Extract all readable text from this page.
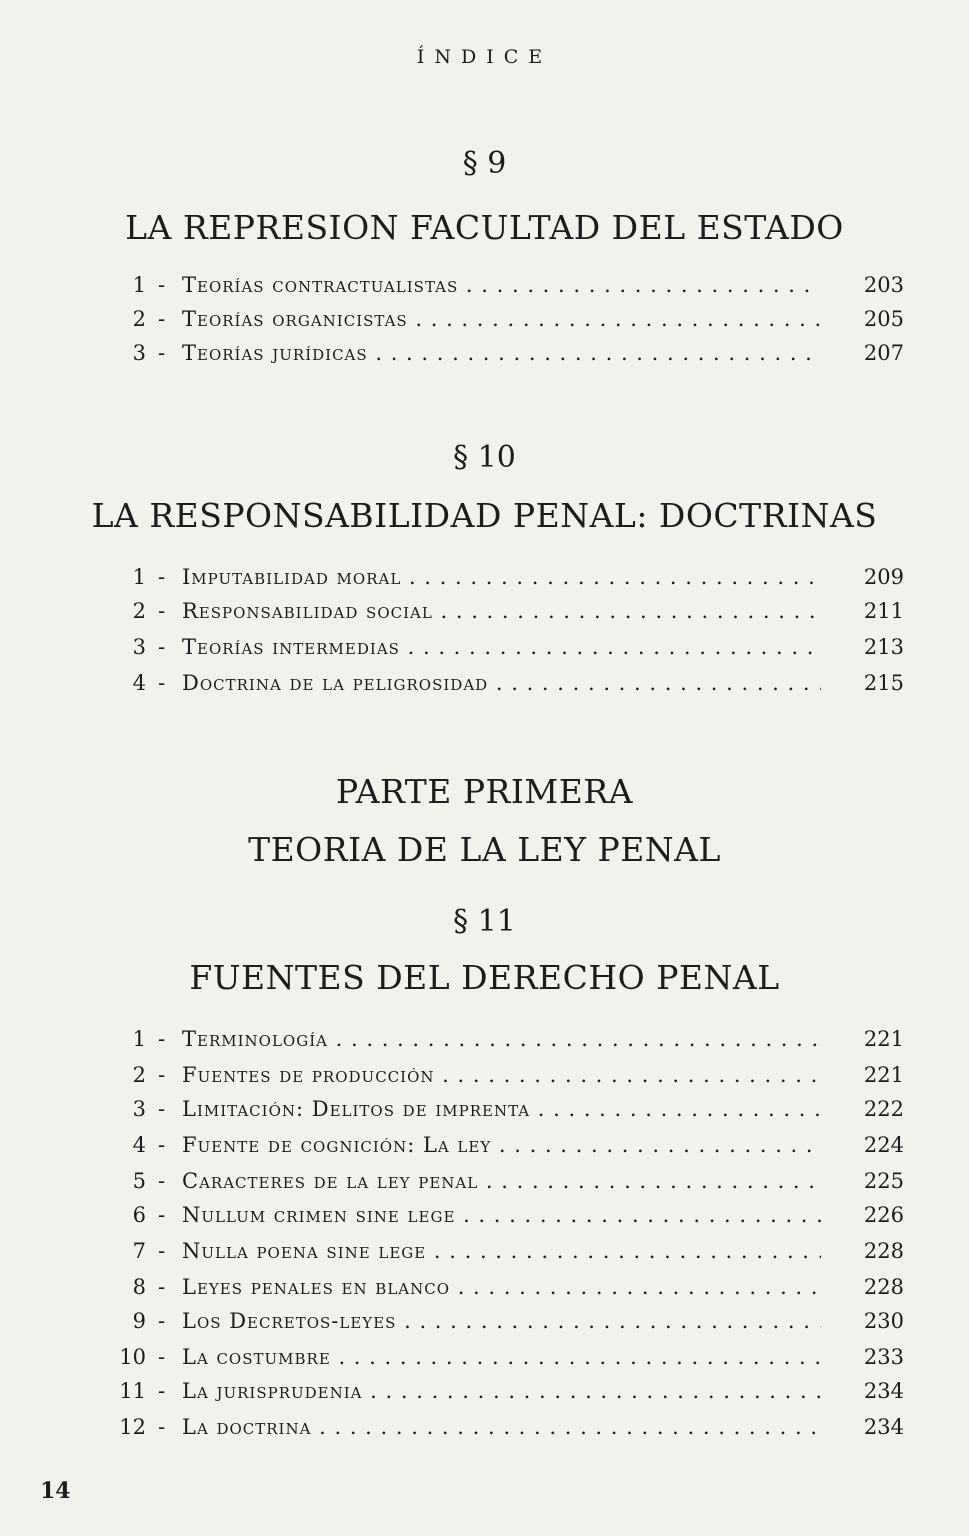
ÍNDICE
§ 9
LA REPRESION FACULTAD DEL ESTADO
1 - Teorías contractualistas . . .	203
2 - Teorías organicistas . . .	205
3 - Teorías jurídicas . . .	207
§ 10
LA RESPONSABILIDAD PENAL: DOCTRINAS
1 - Imputabilidad moral . . .	209
2 - Responsabilidad social . . .	211
3 - Teorías intermedias . . .	213
4 - Doctrina de la peligrosidad . . .	215
PARTE PRIMERA
TEORIA DE LA LEY PENAL
§ 11
FUENTES DEL DERECHO PENAL
1 - Terminología . . .	221
2 - Fuentes de producción . . .	221
3 - Limitación: Delitos de imprenta . . .	222
4 - Fuente de cognición: La ley . . .	224
5 - Caracteres de la ley penal . . .	225
6 - Nullum crimen sine lege . . .	226
7 - Nulla poena sine lege . . .	228
8 - Leyes penales en blanco . . .	228
9 - Los Decretos-leyes . . .	230
10 - La costumbre . . .	233
11 - La jurisprudenia . . .	234
12 - La doctrina . . .	234
14
